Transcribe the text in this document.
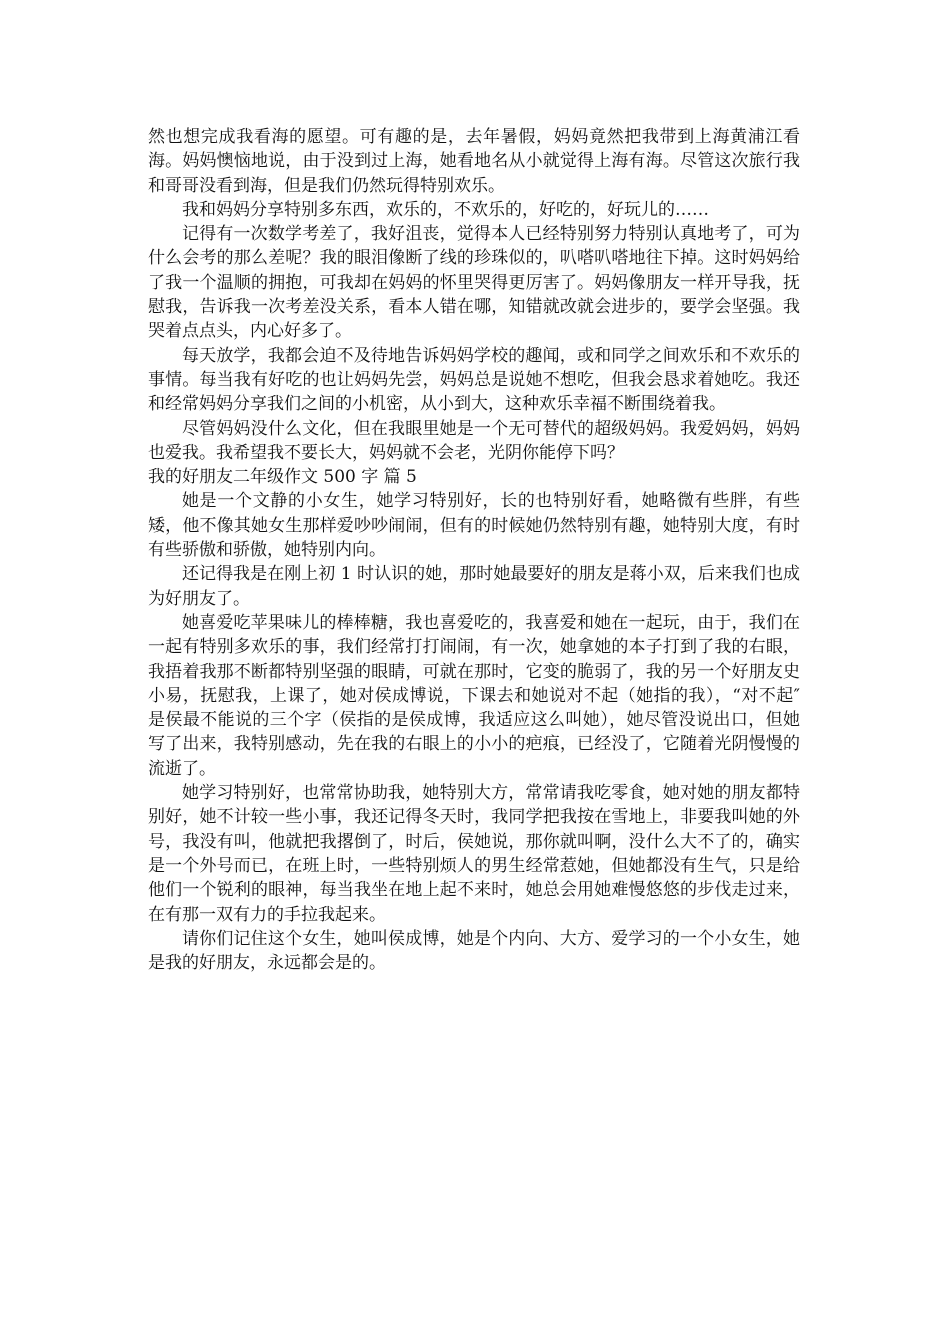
然也想完成我看海的愿望。可有趣的是，去年暑假，妈妈竟然把我带到上海黄浦江看海。妈妈懊恼地说，由于没到过上海，她看地名从小就觉得上海有海。尽管这次旅行我和哥哥没看到海，但是我们仍然玩得特别欢乐。

我和妈妈分享特别多东西，欢乐的，不欢乐的，好吃的，好玩儿的……

记得有一次数学考差了，我好沮丧，觉得本人已经特别努力特别认真地考了，可为什么会考的那么差呢？我的眼泪像断了线的珍珠似的，叭嗒叭嗒地往下掉。这时妈妈给了我一个温顺的拥抱，可我却在妈妈的怀里哭得更厉害了。妈妈像朋友一样开导我，抚慰我，告诉我一次考差没关系，看本人错在哪，知错就改就会进步的，要学会坚强。我哭着点点头，内心好多了。

每天放学，我都会迫不及待地告诉妈妈学校的趣闻，或和同学之间欢乐和不欢乐的事情。每当我有好吃的也让妈妈先尝，妈妈总是说她不想吃，但我会恳求着她吃。我还和经常妈妈分享我们之间的小机密，从小到大，这种欢乐幸福不断围绕着我。

尽管妈妈没什么文化，但在我眼里她是一个无可替代的超级妈妈。我爱妈妈，妈妈也爱我。我希望我不要长大，妈妈就不会老，光阴你能停下吗？

我的好朋友二年级作文 500 字 篇 5

她是一个文静的小女生，她学习特别好，长的也特别好看，她略微有些胖，有些矮，他不像其她女生那样爱吵吵闹闹，但有的时候她仍然特别有趣，她特别大度，有时有些骄傲和骄傲，她特别内向。

还记得我是在刚上初 1 时认识的她，那时她最要好的朋友是蒋小双，后来我们也成为好朋友了。

她喜爱吃苹果味儿的棒棒糖，我也喜爱吃的，我喜爱和她在一起玩，由于，我们在一起有特别多欢乐的事，我们经常打打闹闹，有一次，她拿她的本子打到了我的右眼，我捂着我那不断都特别坚强的眼睛，可就在那时，它变的脆弱了，我的另一个好朋友史小易，抚慰我，上课了，她对侯成博说，下课去和她说对不起（她指的我），“对不起″是侯最不能说的三个字（侯指的是侯成博，我适应这么叫她），她尽管没说出口，但她写了出来，我特别感动，先在我的右眼上的小小的疤痕，已经没了，它随着光阴慢慢的流逝了。

她学习特别好，也常常协助我，她特别大方，常常请我吃零食，她对她的朋友都特别好，她不计较一些小事，我还记得冬天时，我同学把我按在雪地上，非要我叫她的外号，我没有叫，他就把我撂倒了，时后，侯她说，那你就叫啊，没什么大不了的，确实是一个外号而已，在班上时，一些特别烦人的男生经常惹她，但她都没有生气，只是给他们一个锐利的眼神，每当我坐在地上起不来时，她总会用她难慢悠悠的步伐走过来，在有那一双有力的手拉我起来。

请你们记住这个女生，她叫侯成博，她是个内向、大方、爱学习的一个小女生，她是我的好朋友，永远都会是的。
